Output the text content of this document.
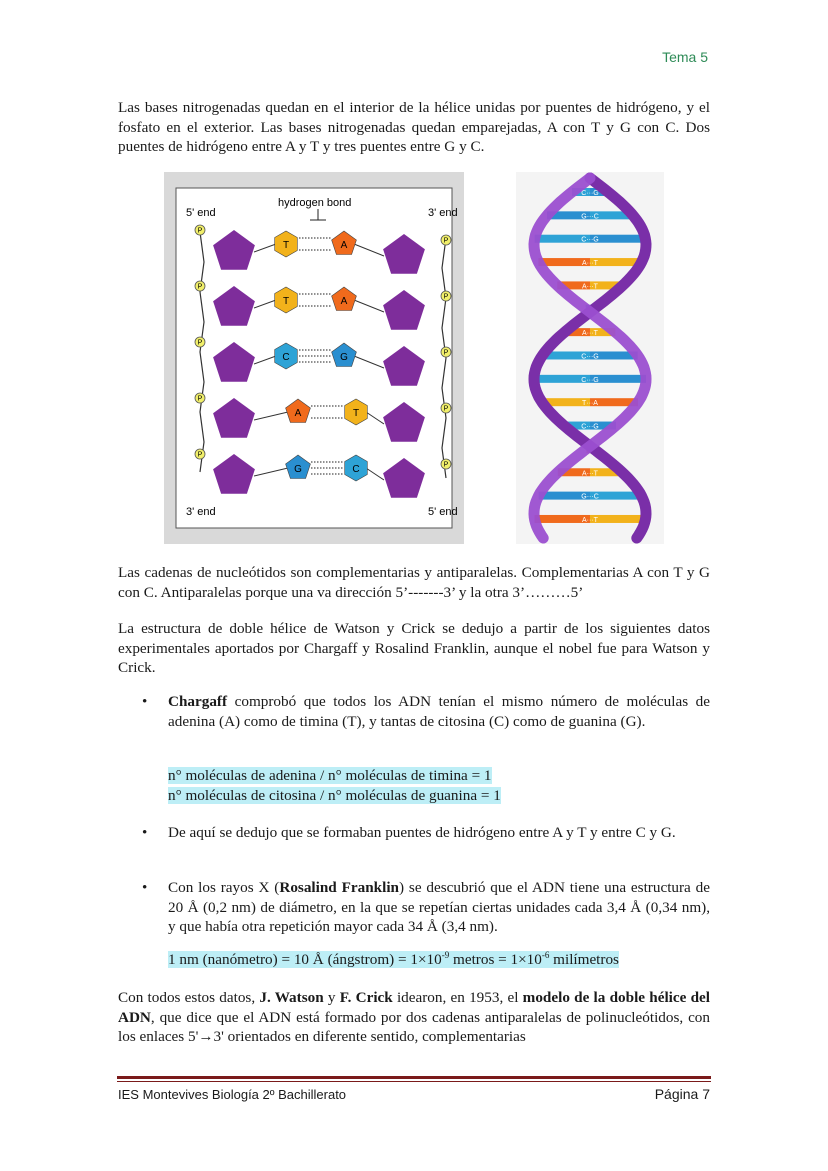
Tema 5

Las bases nitrogenadas quedan en el interior de la hélice unidas por puentes de hidrógeno, y el fosfato en el exterior. Las bases nitrogenadas quedan emparejadas, A con T y G con C. Dos puentes de hidrógeno entre A y T y tres puentes entre G y C.

5' end	3' end
3' end	5' end
hydrogen bond
P
P
T	A
P
P
T	A
P
P
C	G
P
P
A	T
P
P
G	C
C···G
G···C
C···G
A···T
A···T
G···C
A···T
C···G
C···G
T···A
C···G
A···T
A···T
G···C
A···T

Las cadenas de nucleótidos son complementarias y antiparalelas. Complementarias A con T y G con C. Antiparalelas porque una va dirección 5’-------3’ y la otra 3’………5’

La estructura de doble hélice de Watson y Crick se dedujo a partir de los siguientes datos experimentales aportados por Chargaff y Rosalind Franklin, aunque el nobel fue para Watson y Crick.

• Chargaff comprobó que todos los ADN tenían el mismo número de moléculas de adenina (A) como de timina (T), y tantas de citosina (C) como de guanina (G).
n° moléculas de adenina / n° moléculas de timina = 1
n° moléculas de citosina / n° moléculas de guanina = 1
• De aquí se dedujo que se formaban puentes de hidrógeno entre A y T y entre C y G.
• Con los rayos X (Rosalind Franklin) se descubrió que el ADN tiene una estructura de 20 Å (0,2 nm) de diámetro, en la que se repetían ciertas unidades cada 3,4 Å (0,34 nm), y que había otra repetición mayor cada 34 Å (3,4 nm).
1 nm (nanómetro) = 10 Å (ángstrom) = $1\times 10^{-9}$ metros = $1\times 10^{-6}$ milímetros

Con todos estos datos, J. Watson y F. Crick idearon, en 1953, el modelo de la doble hélice del ADN, que dice que el ADN está formado por dos cadenas antiparalelas de polinucleótidos, con los enlaces 5'→3' orientados en diferente sentido, complementarias

IES Montevives Biología 2º Bachillerato	Página 7
